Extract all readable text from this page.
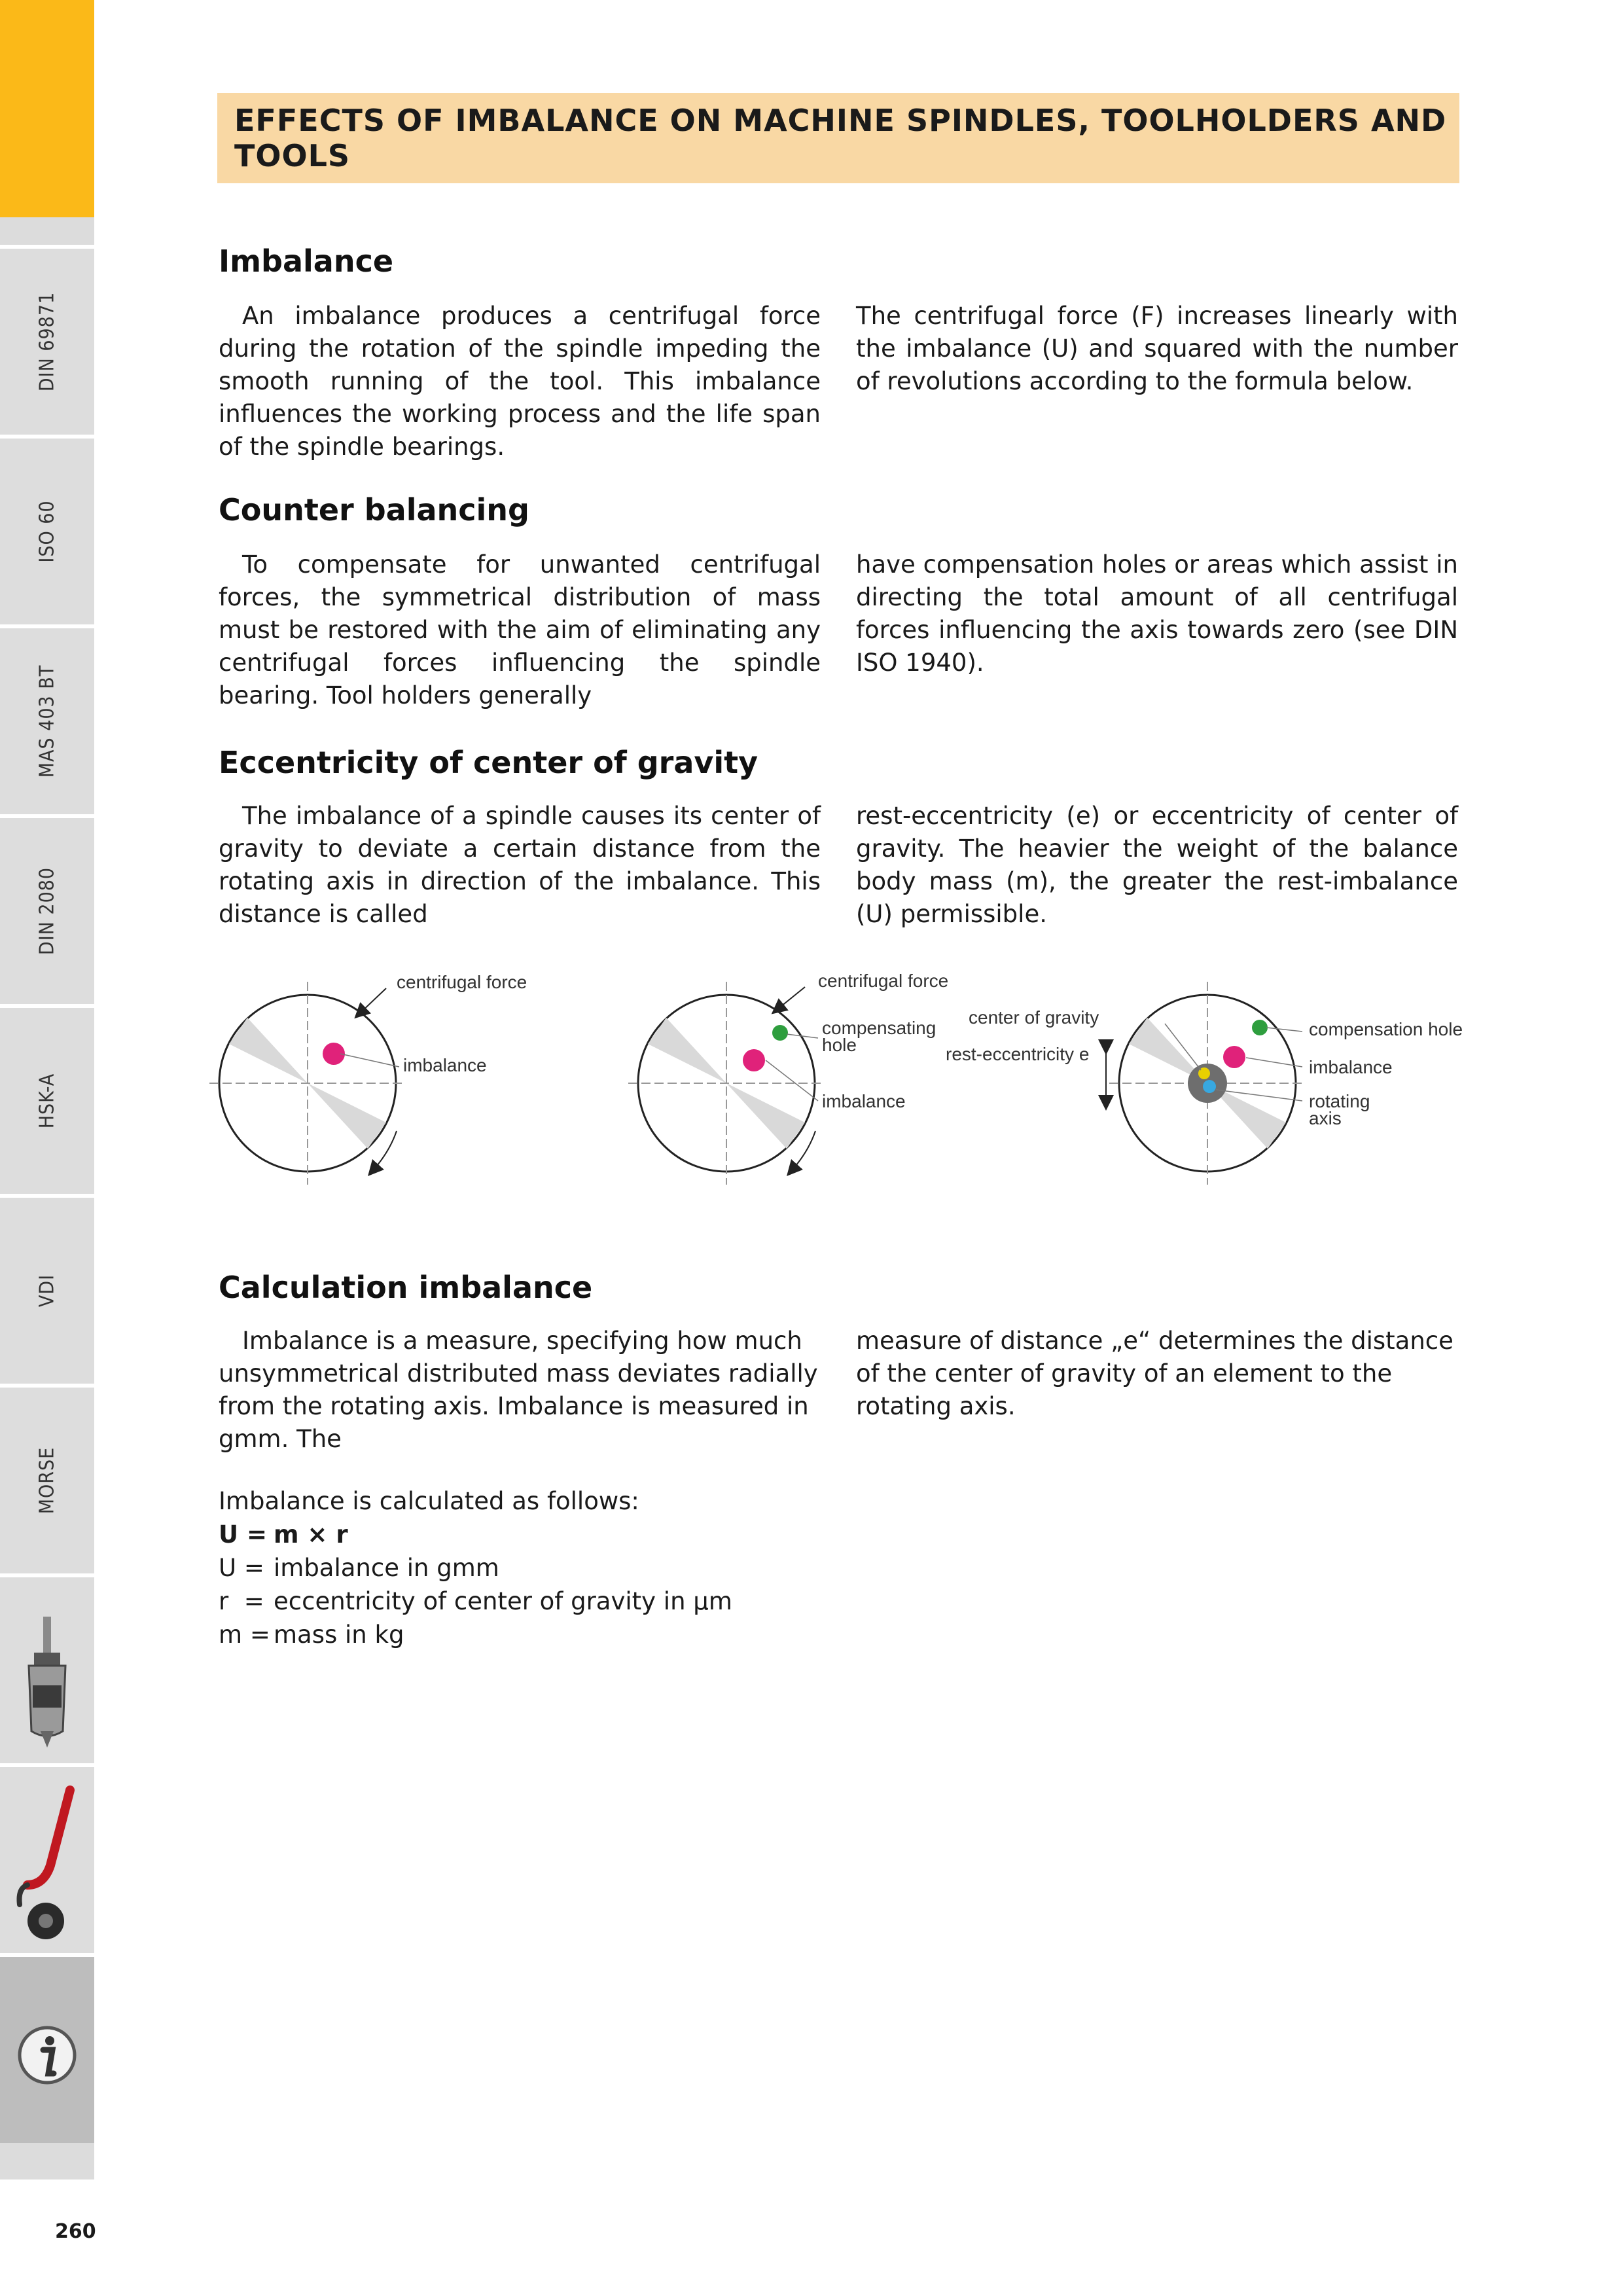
DIN 69871
ISO 60
MAS 403 BT
DIN 2080
HSK-A
VDI
MORSE
260
EFFECTS OF IMBALANCE ON MACHINE SPINDLES, TOOLHOLDERS AND TOOLS
Imbalance

An imbalance produces a centrifugal force during the rotation of the spindle impeding the smooth running of the tool. This imbalance influences the working process and the life span of the spindle bearings.

The centrifugal force (F) increases linearly with the imbalance (U) and squared with the number of revolutions according to the formula below.

Counter balancing

To compensate for unwanted centrifugal forces, the symmetrical distribution of mass must be restored with the aim of eliminating any centrifugal forces influencing the spindle bearing. Tool holders generally

have compensation holes or areas which assist in directing the total amount of all centrifugal forces influencing the axis towards zero (see DIN ISO 1940).

Eccentricity of center of gravity

The imbalance of a spindle causes its center of gravity to deviate a certain distance from the rotating axis in direction of the imbalance. This distance is called

rest-eccentricity (e) or eccentricity of center of gravity. The heavier the weight of the balance body mass (m), the greater the rest-imbalance (U) permissible.

centrifugal force
imbalance
centrifugal force
compensating
hole
imbalance
center of gravity
rest-eccentricity e
compensation hole
imbalance
rotating
axis
Calculation imbalance

Imbalance is a measure, specifying how much unsymmetrical distributed mass deviates radially from the rotating axis. Imbalance is measured in gmm. The

measure of distance „e“ determines the distance of the center of gravity of an element to the rotating axis.

Imbalance is calculated as follows:
U = m × r
U = imbalance in gmm
r = eccentricity of center of gravity in µm
m = mass in kg
